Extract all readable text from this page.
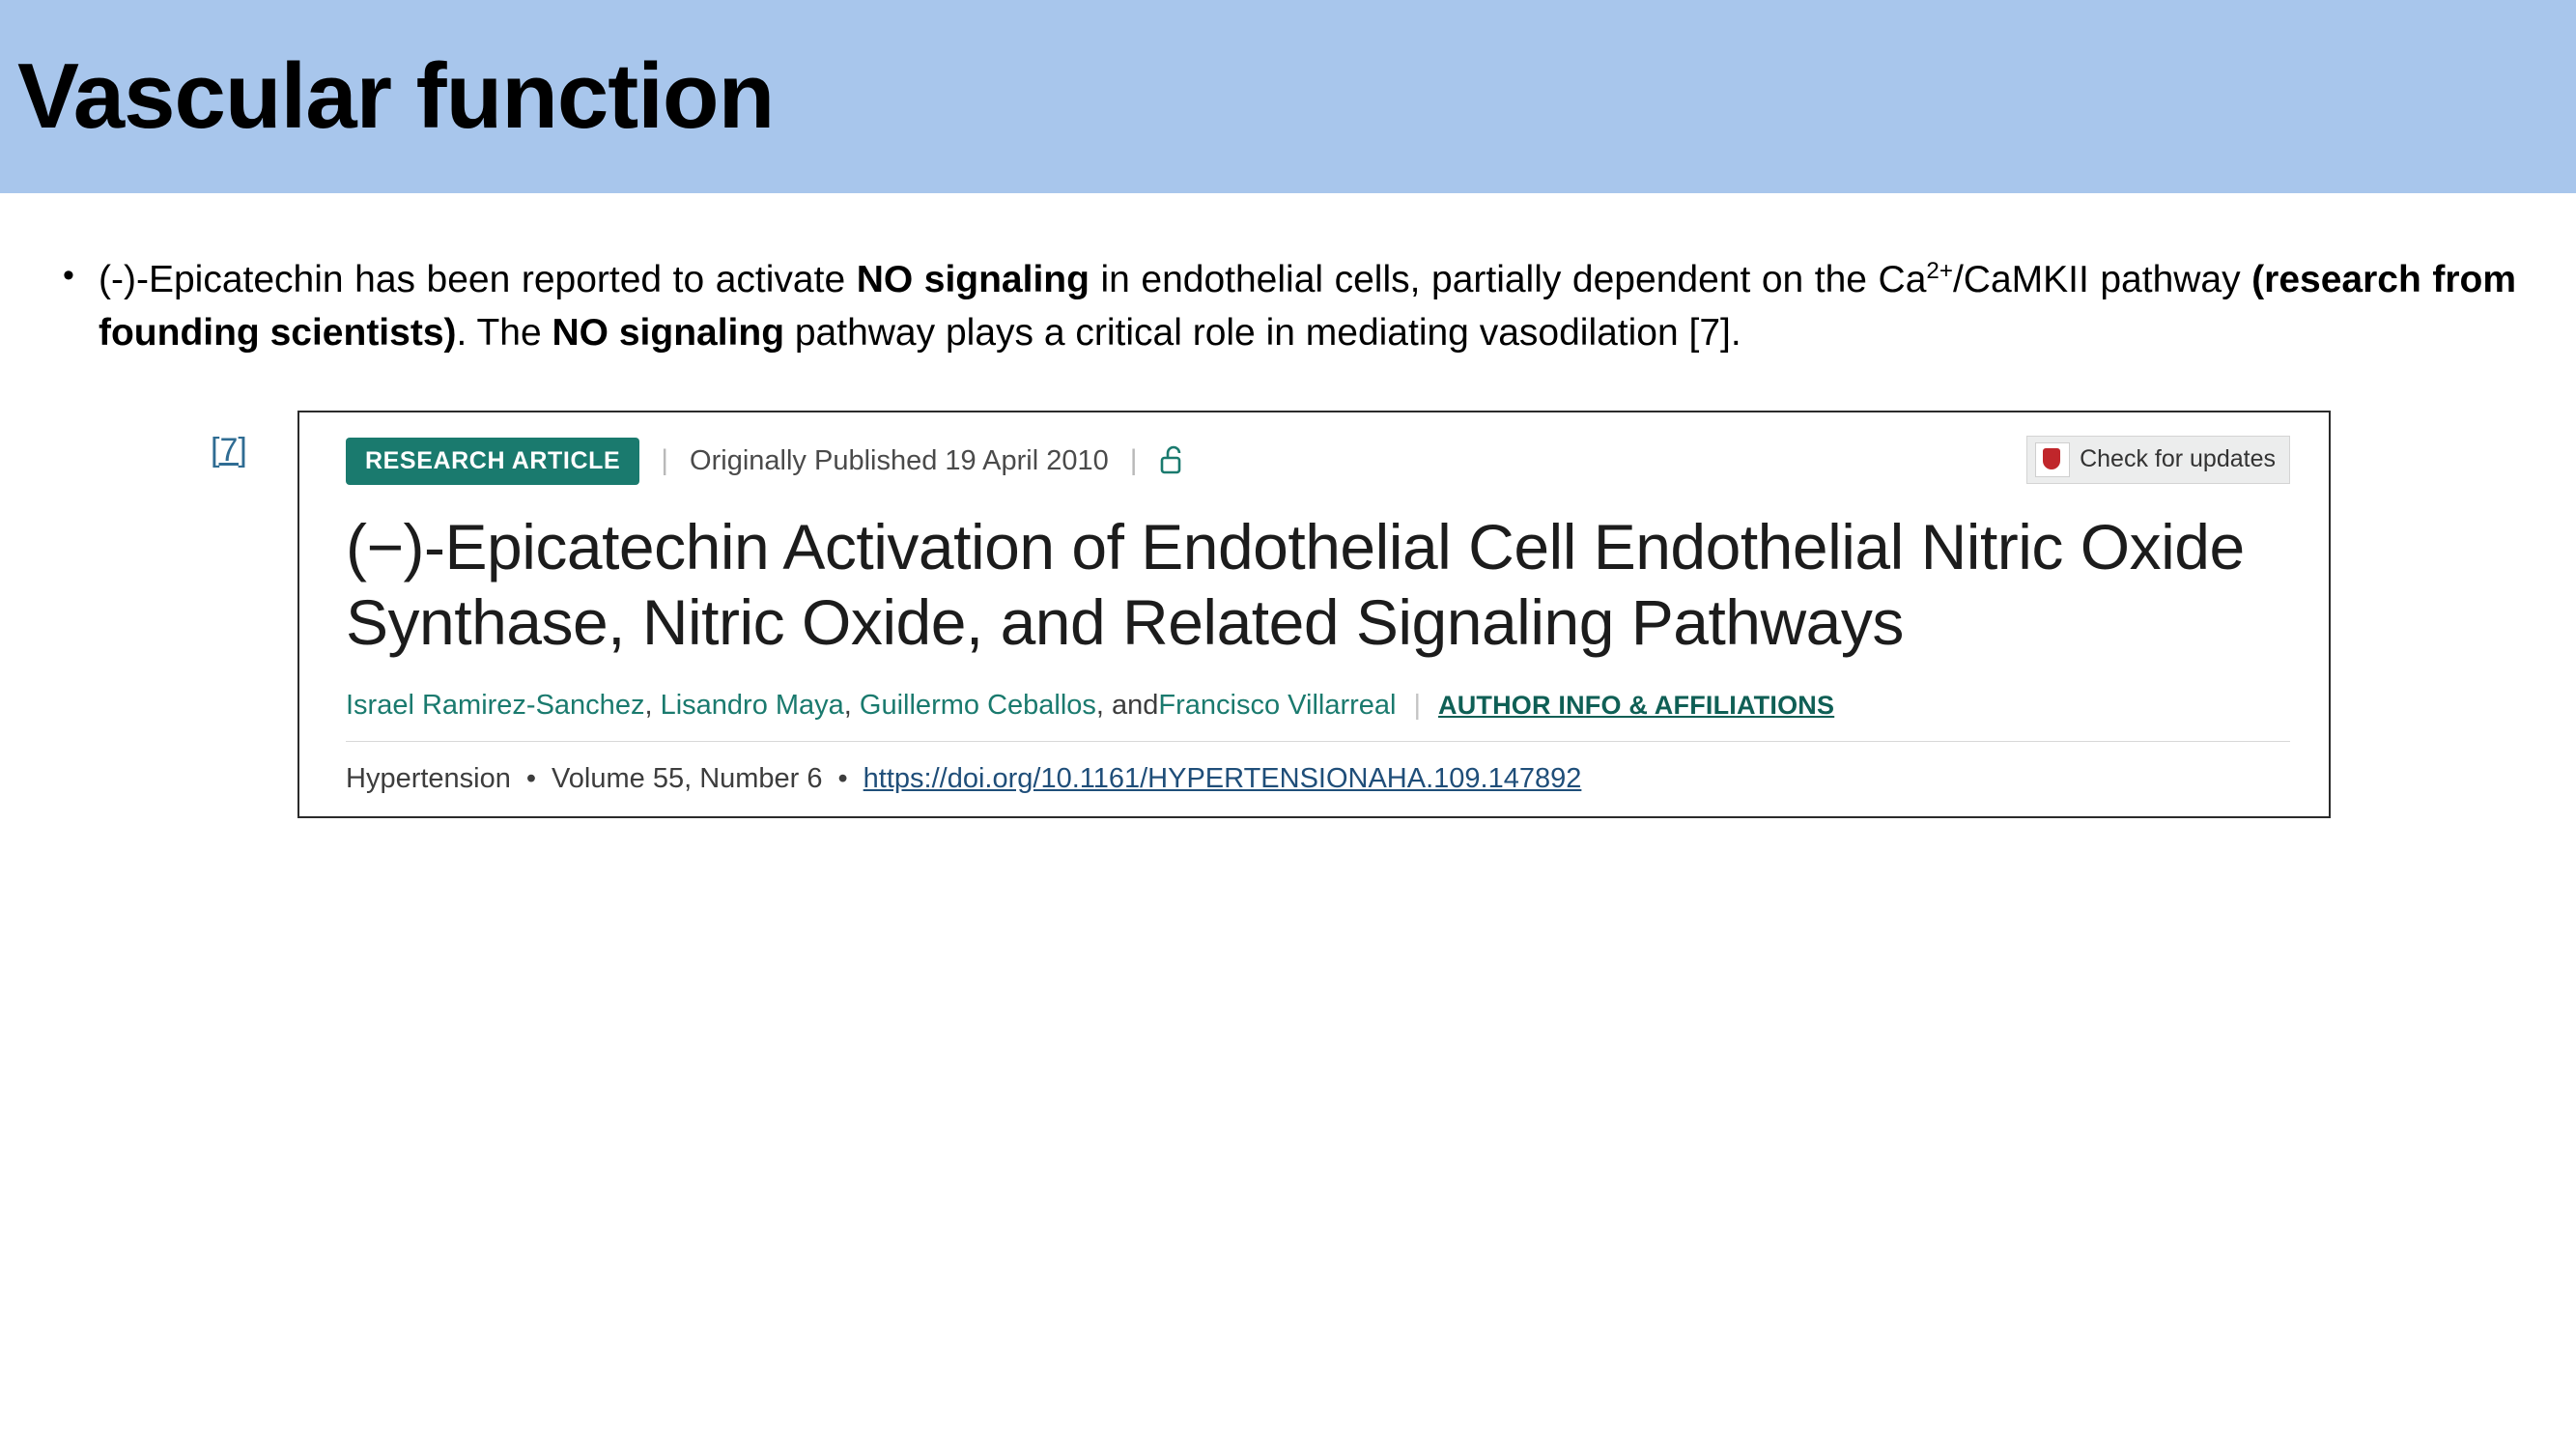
Vascular function
• (-)-Epicatechin has been reported to activate NO signaling in endothelial cells, partially dependent on the $Ca^{2+}$/CaMKII pathway (research from founding scientists). The NO signaling pathway plays a critical role in mediating vasodilation [7].
[7]	RESEARCH ARTICLE	| Originally Published 19 April 2010 |	Check for updates
(−)-Epicatechin Activation of Endothelial Cell Endothelial Nitric Oxide Synthase, Nitric Oxide, and Related Signaling Pathways
Israel Ramirez-Sanchez , Lisandro Maya , Guillermo Ceballos , and Francisco Villarreal | AUTHOR INFO & AFFILIATIONS
Hypertension • Volume 55, Number 6 • https://doi.org/10.1161/HYPERTENSIONAHA.109.147892
